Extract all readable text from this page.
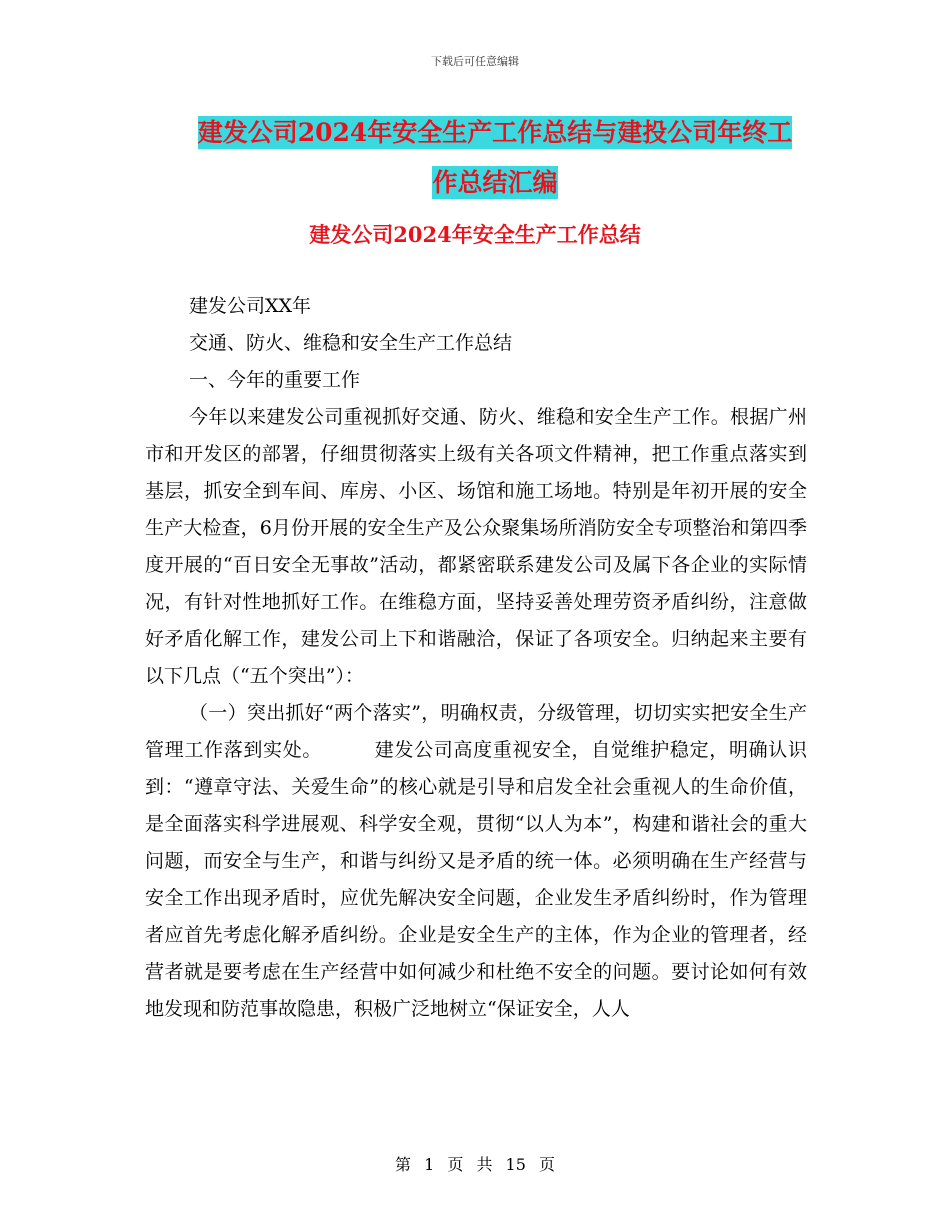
下载后可任意编辑
建发公司2024年安全生产工作总结与建投公司年终工
作总结汇编
建发公司2024年安全生产工作总结

建发公司XX年

交通、防火、维稳和安全生产工作总结

一、今年的重要工作

今年以来建发公司重视抓好交通、防火、维稳和安全生产工作。根据广州市和开发区的部署，仔细贯彻落实上级有关各项文件精神，把工作重点落实到基层，抓安全到车间、库房、小区、场馆和施工场地。特别是年初开展的安全生产大检查，6月份开展的安全生产及公众聚集场所消防安全专项整治和第四季度开展的“百日安全无事故”活动，都紧密联系建发公司及属下各企业的实际情况，有针对性地抓好工作。在维稳方面，坚持妥善处理劳资矛盾纠纷，注意做好矛盾化解工作，建发公司上下和谐融洽，保证了各项安全。归纳起来主要有以下几点（“五个突出”）：

（一）突出抓好“两个落实”，明确权责，分级管理，切切实实把安全生产管理工作落到实处。	建发公司高度重视安全，自觉维护稳定，明确认识到：“遵章守法、关爱生命”的核心就是引导和启发全社会重视人的生命价值，是全面落实科学进展观、科学安全观，贯彻“以人为本”，构建和谐社会的重大问题，而安全与生产，和谐与纠纷又是矛盾的统一体。必须明确在生产经营与安全工作出现矛盾时，应优先解决安全问题，企业发生矛盾纠纷时，作为管理者应首先考虑化解矛盾纠纷。企业是安全生产的主体，作为企业的管理者，经营者就是要考虑在生产经营中如何减少和杜绝不安全的问题。要讨论如何有效地发现和防范事故隐患，积极广泛地树立“保证安全，人人

第 1 页 共 15 页
